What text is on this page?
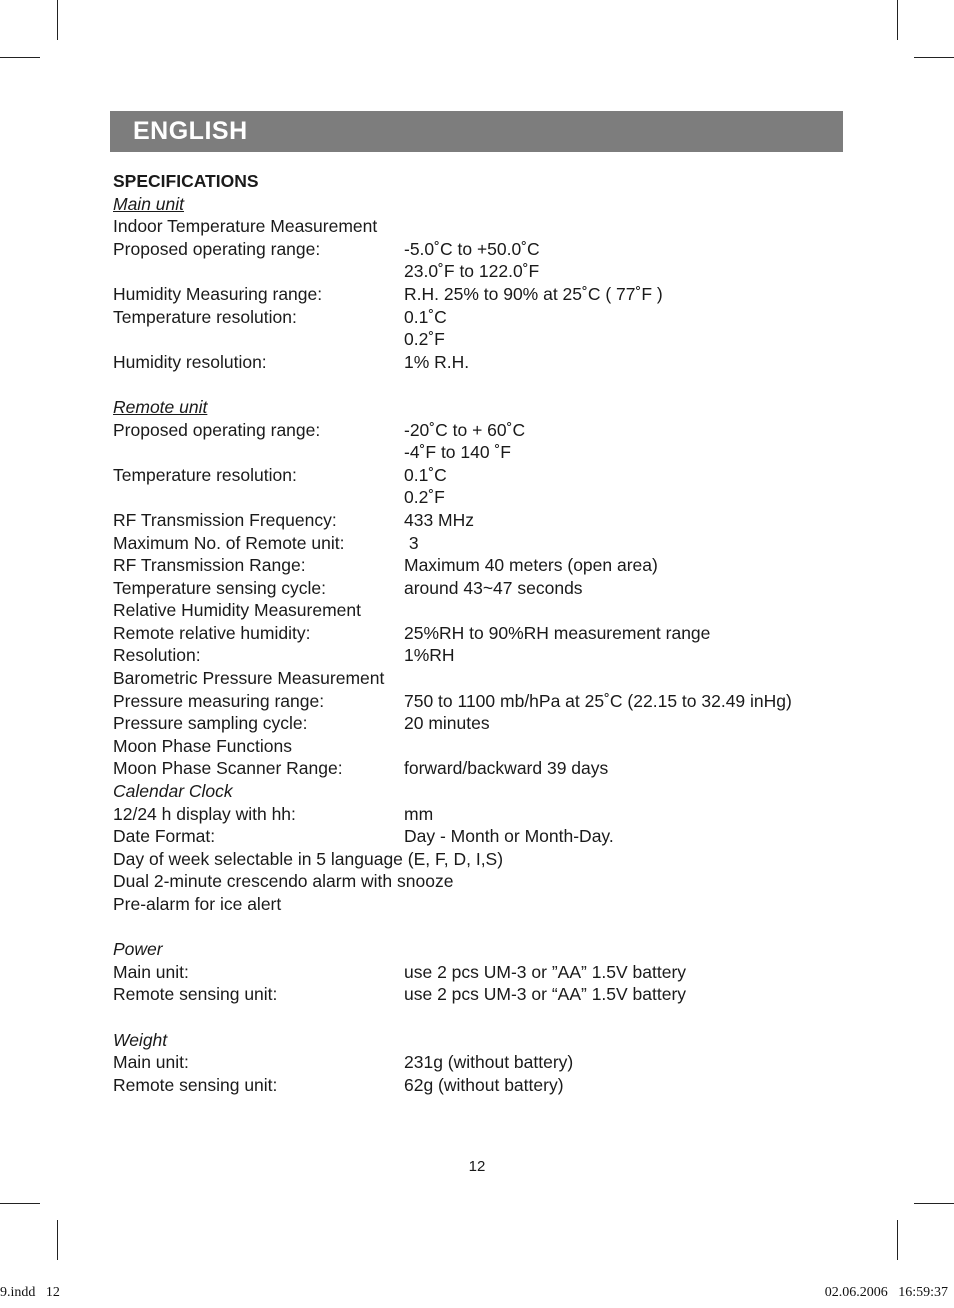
ENGLISH
SPECIFICATIONS
Main unit
Indoor Temperature Measurement
Proposed operating range:	-5.0˚C to +50.0˚C
23.0˚F to 122.0˚F
Humidity Measuring range:	R.H. 25% to 90% at 25˚C ( 77˚F )
Temperature resolution:	0.1˚C
0.2˚F
Humidity resolution:	1% R.H.
Remote unit
Proposed operating range:	-20˚C to + 60˚C
-4˚F to 140 ˚F
Temperature resolution:	0.1˚C
0.2˚F
RF Transmission Frequency:	433 MHz
Maximum No. of Remote unit:	3
RF Transmission Range:	Maximum 40 meters (open area)
Temperature sensing cycle:	around 43~47 seconds
Relative Humidity Measurement
Remote relative humidity:	25%RH to 90%RH measurement range
Resolution:	1%RH
Barometric Pressure Measurement
Pressure measuring range:	750 to 1100 mb/hPa at 25˚C (22.15 to 32.49 inHg)
Pressure sampling cycle:	20 minutes
Moon Phase Functions
Moon Phase Scanner Range:	forward/backward 39 days
Calendar Clock
12/24 h display with hh:	mm
Date Format:	Day - Month or Month-Day.
Day of week selectable in 5 language (E, F, D, I,S)
Dual 2-minute crescendo alarm with snooze
Pre-alarm for ice alert
Power
Main unit:	use 2 pcs UM-3 or ”AA” 1.5V battery
Remote sensing unit:	use 2 pcs UM-3 or “AA” 1.5V battery
Weight
Main unit:	231g (without battery)
Remote sensing unit:	62g (without battery)
12
9.indd   12	02.06.2006   16:59:37
